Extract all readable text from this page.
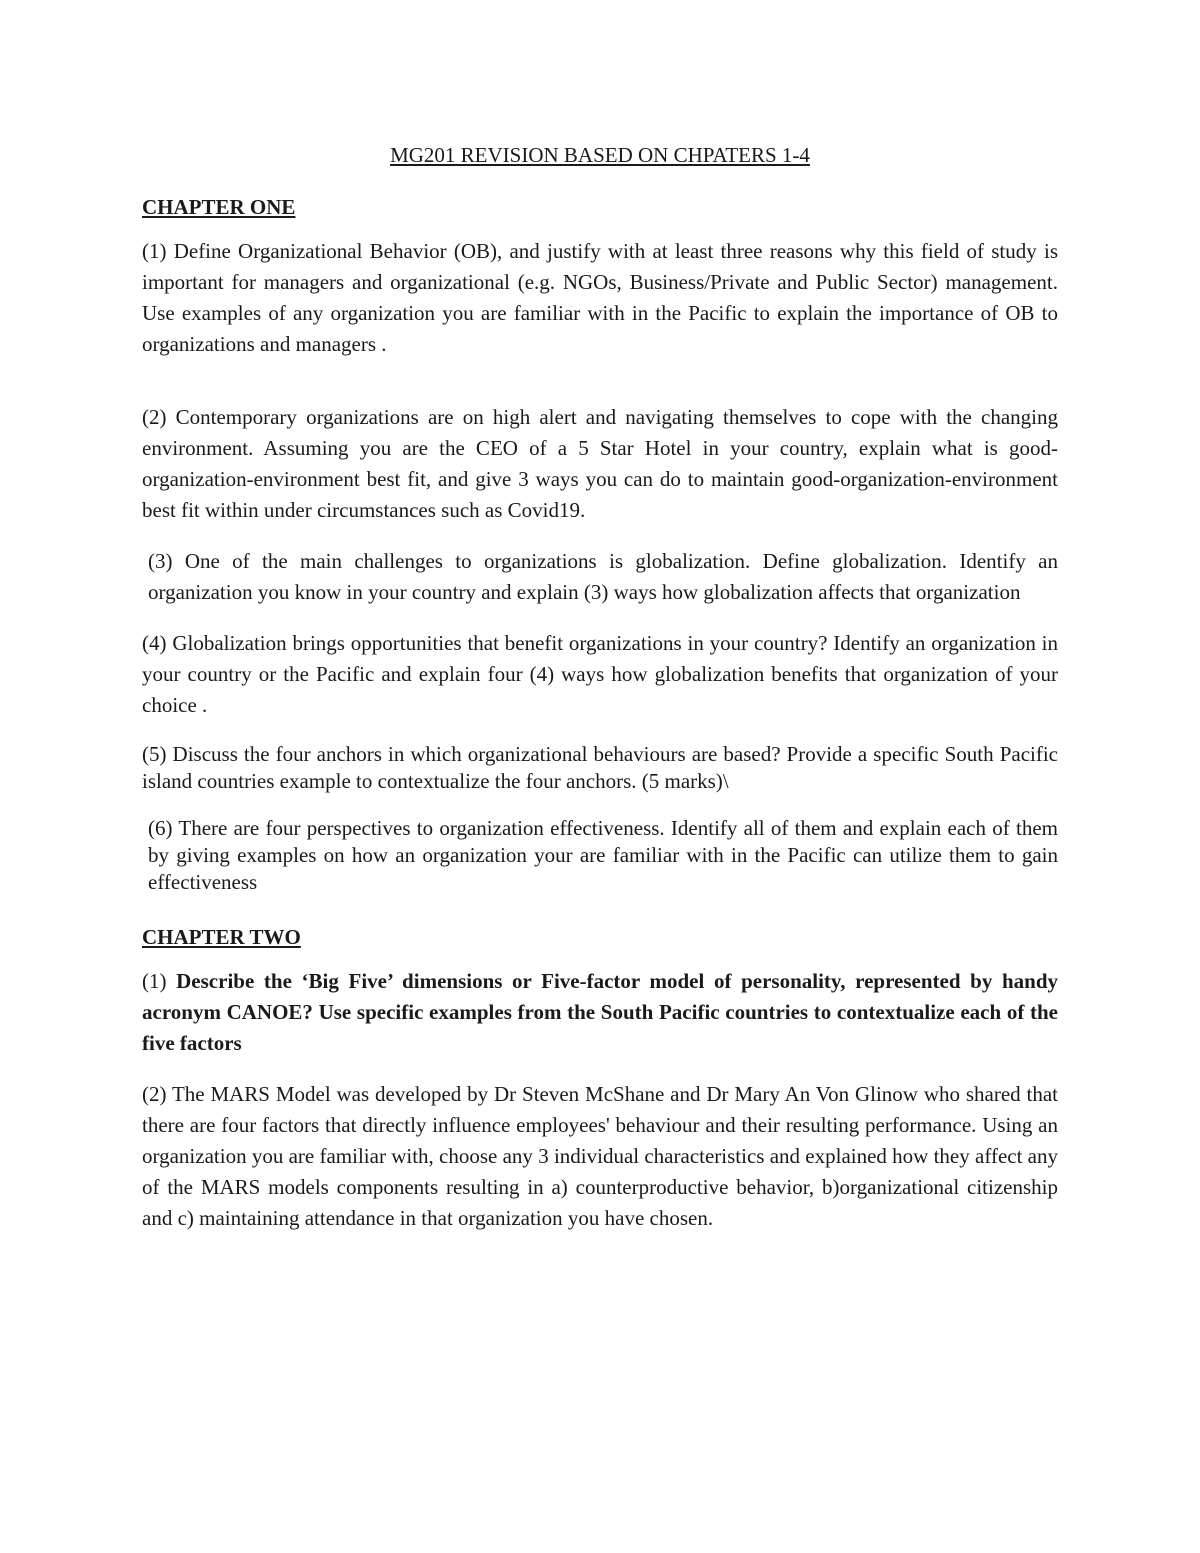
MG201 REVISION BASED ON CHPATERS 1-4
CHAPTER ONE

(1) Define Organizational Behavior (OB), and justify with at least three reasons why this field of study is important for managers and organizational (e.g. NGOs, Business/Private and Public Sector) management. Use examples of any organization you are familiar with in the Pacific to explain the importance of OB to organizations and managers .

(2) Contemporary organizations are on high alert and navigating themselves to cope with the changing environment. Assuming you are the CEO of a 5 Star Hotel in your country, explain what is good-organization-environment best fit, and give 3 ways you can do to maintain good-organization-environment best fit within under circumstances such as Covid19.

(3) One of the main challenges to organizations is globalization. Define globalization. Identify an organization you know in your country and explain (3) ways how globalization affects that organization

(4) Globalization brings opportunities that benefit organizations in your country? Identify an organization in your country or the Pacific and explain four (4) ways how globalization benefits that organization of your choice .

(5) Discuss the four anchors in which organizational behaviours are based? Provide a specific South Pacific island countries example to contextualize the four anchors. (5 marks)\

(6) There are four perspectives to organization effectiveness. Identify all of them and explain each of them by giving examples on how an organization your are familiar with in the Pacific can utilize them to gain effectiveness

CHAPTER TWO

(1) Describe the ‘Big Five’ dimensions or Five-factor model of personality, represented by handy acronym CANOE? Use specific examples from the South Pacific countries to contextualize each of the five factors

(2) The MARS Model was developed by Dr Steven McShane and Dr Mary An Von Glinow who shared that there are four factors that directly influence employees' behaviour and their resulting performance. Using an organization you are familiar with, choose any 3 individual characteristics and explained how they affect any of the MARS models components resulting in a) counterproductive behavior, b)organizational citizenship and c) maintaining attendance in that organization you have chosen.
